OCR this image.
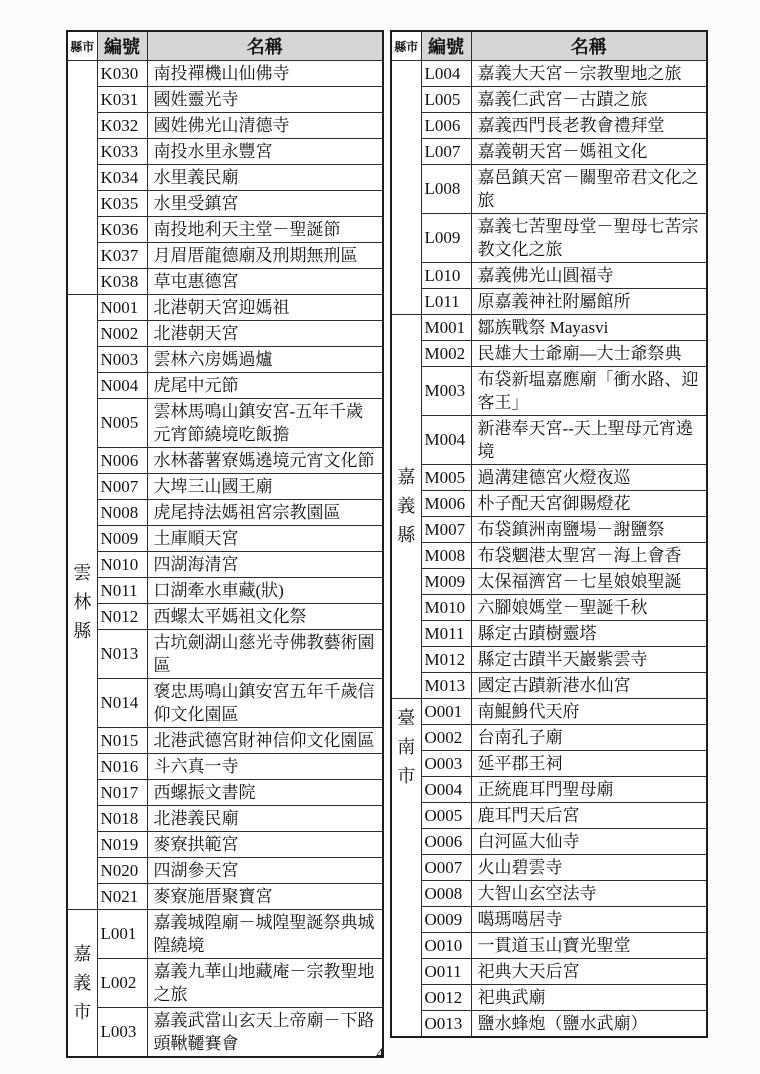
縣市	編號	名稱

	K030	南投禪機山仙佛寺
	K031	國姓靈光寺
	K032	國姓佛光山清德寺
	K033	南投水里永豐宮
	K034	水里義民廟
	K035	水里受鎮宮
	K036	南投地利天主堂－聖誕節
	K037	月眉厝龍德廟及刑期無刑區
	K038	草屯惠德宮

雲
林
縣	N001	北港朝天宮迎媽祖
	N002	北港朝天宮
	N003	雲林六房媽過爐
	N004	虎尾中元節
	N005	雲林馬鳴山鎮安宮-五年千歲元宵節繞境吃飯擔
	N006	水林蕃薯寮媽遶境元宵文化節
	N007	大埤三山國王廟
	N008	虎尾持法媽祖宮宗教園區
	N009	土庫順天宮
	N010	四湖海清宮
	N011	口湖牽水車藏(狀)
	N012	西螺太平媽祖文化祭
	N013	古坑劍湖山慈光寺佛教藝術園區
	N014	褒忠馬鳴山鎮安宮五年千歲信仰文化園區
	N015	北港武德宮財神信仰文化園區
	N016	斗六真一寺
	N017	西螺振文書院
	N018	北港義民廟
	N019	麥寮拱範宮
	N020	四湖參天宮
	N021	麥寮施厝聚寶宮

嘉
義
市	L001	嘉義城隍廟－城隍聖誕祭典城隍繞境
	L002	嘉義九華山地藏庵－宗教聖地之旅
	L003	嘉義武當山玄天上帝廟－下路頭鞦韆賽會
縣市	編號	名稱

	L004	嘉義大天宮－宗教聖地之旅
	L005	嘉義仁武宮－古蹟之旅
	L006	嘉義西門長老教會禮拜堂
	L007	嘉義朝天宮－媽祖文化
	L008	嘉邑鎮天宮－關聖帝君文化之旅
	L009	嘉義七苦聖母堂－聖母七苦宗教文化之旅
	L010	嘉義佛光山圓福寺
	L011	原嘉義神社附屬館所

嘉
義
縣	M001	鄒族戰祭 Mayasvi
	M002	民雄大士爺廟—大士爺祭典
	M003	布袋新塭嘉應廟「衝水路、迎客王」
	M004	新港奉天宮--天上聖母元宵遶境
	M005	過溝建德宮火燈夜巡
	M006	朴子配天宮御賜燈花
	M007	布袋鎮洲南鹽場－謝鹽祭
	M008	布袋魍港太聖宮－海上會香
	M009	太保福濟宮－七星娘娘聖誕
	M010	六腳娘媽堂－聖誕千秋
	M011	縣定古蹟樹靈塔
	M012	縣定古蹟半天巖紫雲寺
	M013	國定古蹟新港水仙宮

臺
南
市	O001	南鯤鯓代天府
	O002	台南孔子廟
	O003	延平郡王祠
	O004	正統鹿耳門聖母廟
	O005	鹿耳門天后宮
	O006	白河區大仙寺
	O007	火山碧雲寺
	O008	大智山玄空法寺
	O009	噶瑪噶居寺
	O010	一貫道玉山寶光聖堂
	O011	祀典大天后宮
	O012	祀典武廟
	O013	鹽水蜂炮（鹽水武廟）
4
